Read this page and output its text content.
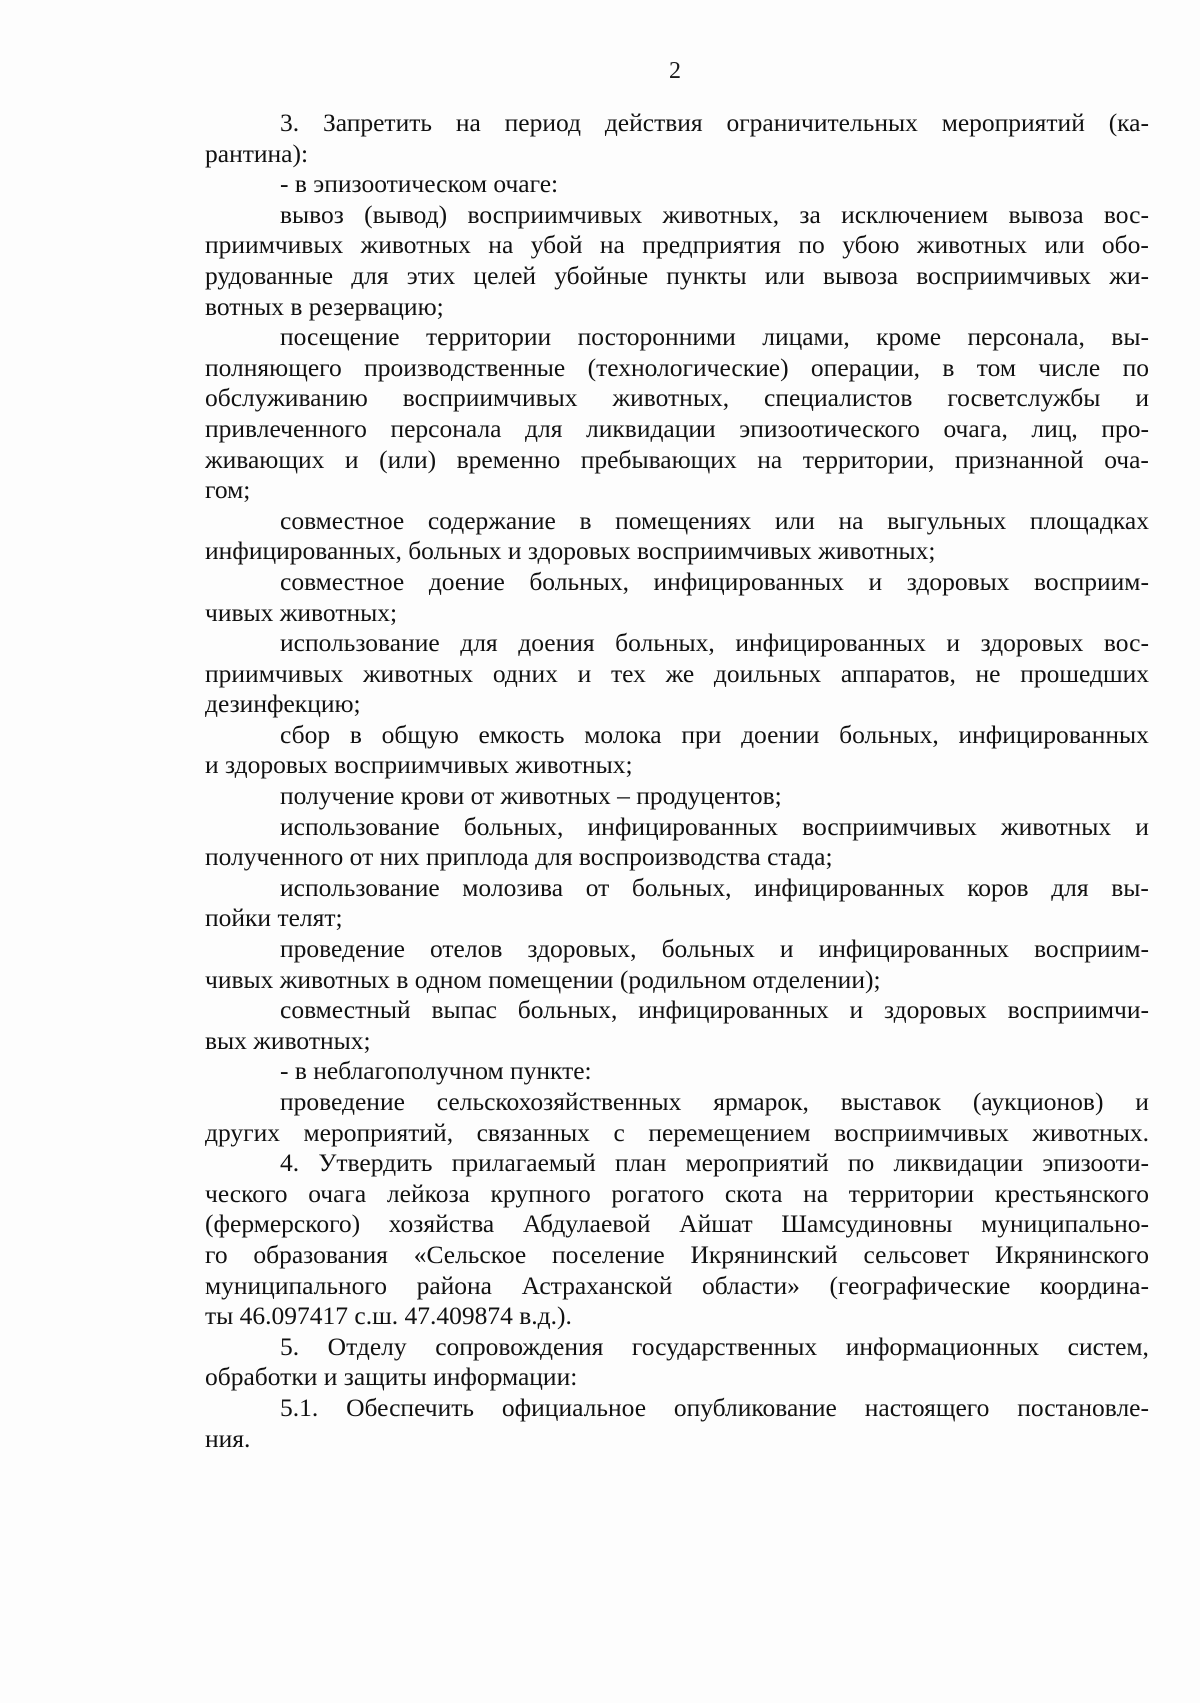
2
3. Запретить на период действия ограничительных мероприятий (ка-
рантина):
- в эпизоотическом очаге:
вывоз (вывод) восприимчивых животных, за исключением вывоза вос-
приимчивых животных на убой на предприятия по убою животных или обо-
рудованные для этих целей убойные пункты или вывоза восприимчивых жи-
вотных в резервацию;
посещение территории посторонними лицами, кроме персонала, вы-
полняющего производственные (технологические) операции, в том числе по
обслуживанию восприимчивых животных, специалистов госветслужбы и
привлеченного персонала для ликвидации эпизоотического очага, лиц, про-
живающих и (или) временно пребывающих на территории, признанной оча-
гом;
совместное содержание в помещениях или на выгульных площадках
инфицированных, больных и здоровых восприимчивых животных;
совместное доение больных, инфицированных и здоровых восприим-
чивых животных;
использование для доения больных, инфицированных и здоровых вос-
приимчивых животных одних и тех же доильных аппаратов, не прошедших
дезинфекцию;
сбор в общую емкость молока при доении больных, инфицированных
и здоровых восприимчивых животных;
получение крови от животных – продуцентов;
использование больных, инфицированных восприимчивых животных и
полученного от них приплода для воспроизводства стада;
использование молозива от больных, инфицированных коров для вы-
пойки телят;
проведение отелов здоровых, больных и инфицированных восприим-
чивых животных в одном помещении (родильном отделении);
совместный выпас больных, инфицированных и здоровых восприимчи-
вых животных;
- в неблагополучном пункте:
проведение сельскохозяйственных ярмарок, выставок (аукционов) и
других мероприятий, связанных с перемещением восприимчивых животных.
4. Утвердить прилагаемый план мероприятий по ликвидации эпизооти-
ческого очага лейкоза крупного рогатого скота на территории крестьянского
(фермерского) хозяйства Абдулаевой Айшат Шамсудиновны муниципально-
го образования «Сельское поселение Икрянинский сельсовет Икрянинского
муниципального района Астраханской области» (географические координа-
ты 46.097417 с.ш. 47.409874 в.д.).
5. Отделу сопровождения государственных информационных систем,
обработки и защиты информации:
5.1. Обеспечить официальное опубликование настоящего постановле-
ния.
